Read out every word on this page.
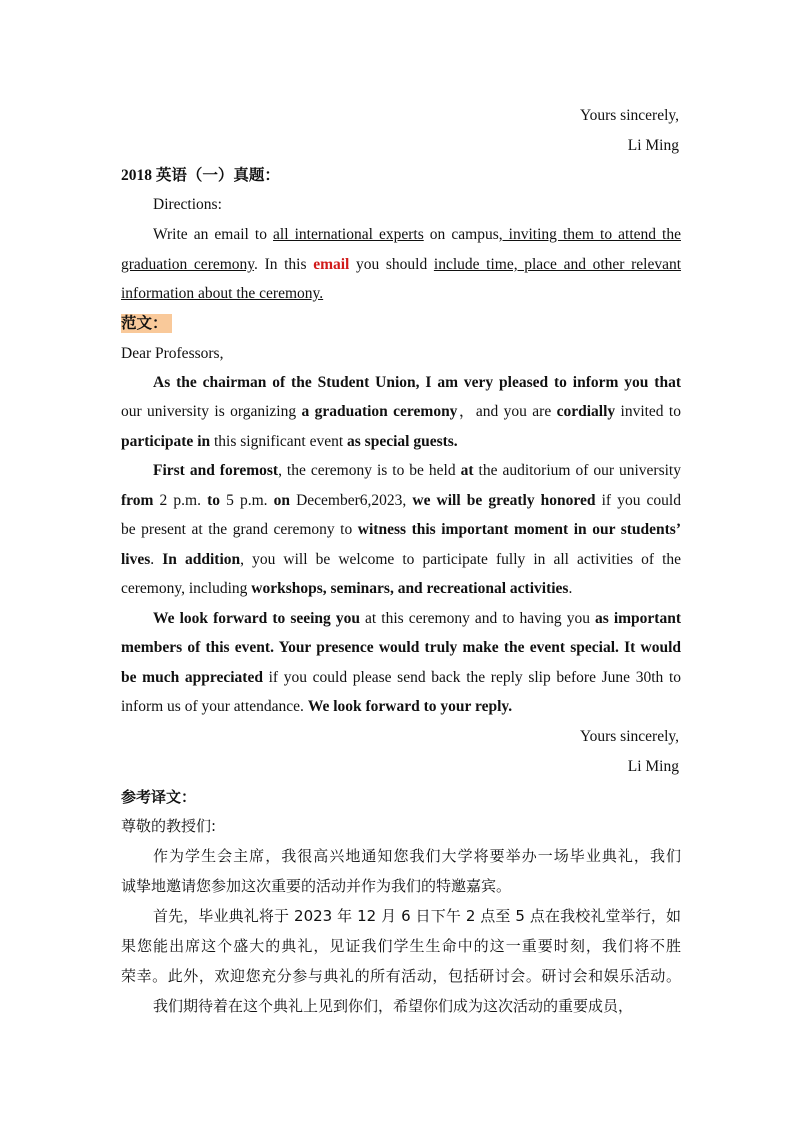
Yours sincerely,
Li Ming
2018 英语（一）真题：
Directions:
Write an email to all international experts on campus, inviting them to attend the
graduation ceremony. In this email you should include time, place and other relevant
information about the ceremony.
范文：
Dear Professors,
As the chairman of the Student Union, I am very pleased to inform you that
our university is organizing a graduation ceremony，and you are cordially invited to
participate in this significant event as special guests.
First and foremost, the ceremony is to be held at the auditorium of our university
from 2 p.m. to 5 p.m. on December6,2023, we will be greatly honored if you could
be present at the grand ceremony to witness this important moment in our students’
lives. In addition, you will be welcome to participate fully in all activities of the
ceremony, including workshops, seminars, and recreational activities.
We look forward to seeing you at this ceremony and to having you as important
members of this event. Your presence would truly make the event special. It would
be much appreciated if you could please send back the reply slip before June 30th to
inform us of your attendance. We look forward to your reply.
Yours sincerely,
Li Ming
参考译文：
尊敬的教授们:
作为学生会主席，我很高兴地通知您我们大学将要举办一场毕业典礼，我们
诚挚地邀请您参加这次重要的活动并作为我们的特邀嘉宾。
首先，毕业典礼将于 2023 年 12 月 6 日下午 2 点至 5 点在我校礼堂举行，如
果您能出席这个盛大的典礼，见证我们学生生命中的这一重要时刻，我们将不胜
荣幸。此外，欢迎您充分参与典礼的所有活动，包括研讨会。研讨会和娱乐活动。
我们期待着在这个典礼上见到你们，希望你们成为这次活动的重要成员，
